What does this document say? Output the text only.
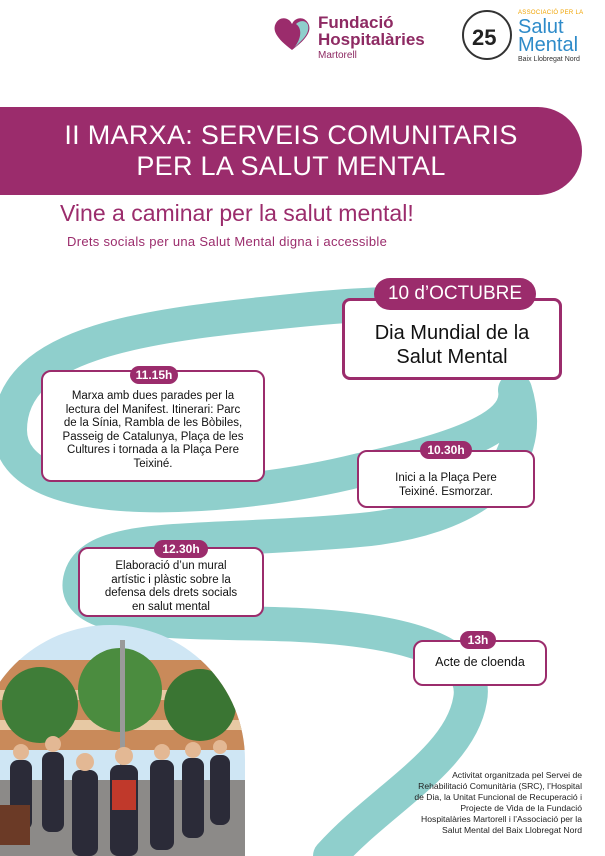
Fundació
Hospitalàries
Martorell
25
ASSOCIACIÓ PER LA
Salut
Mental
Baix Llobregat Nord
II MARXA: SERVEIS COMUNITARIS
PER LA SALUT MENTAL
Vine a caminar per la salut mental!
Drets socials per una Salut Mental digna i accessible
Dia Mundial de la
Salut Mental
10 d’OCTUBRE
Inici a la Plaça Pere
Teixiné. Esmorzar.
10.30h
Marxa amb dues parades per la
lectura del Manifest. Itinerari: Parc
de la Sínia, Rambla de les Bòbiles,
Passeig de Catalunya, Plaça de les
Cultures i tornada a la Plaça Pere
Teixiné.
11.15h
Elaboració d’un mural
artístic i plàstic sobre la
defensa dels drets socials
en salut mental
12.30h
Acte de cloenda
13h
Activitat organitzada pel Servei de
Rehabilitació Comunitària (SRC), l’Hospital
de Dia, la Unitat Funcional de Recuperació i
Projecte de Vida de la Fundació
Hospitalàries Martorell i l’Associació per la
Salut Mental del Baix Llobregat Nord
